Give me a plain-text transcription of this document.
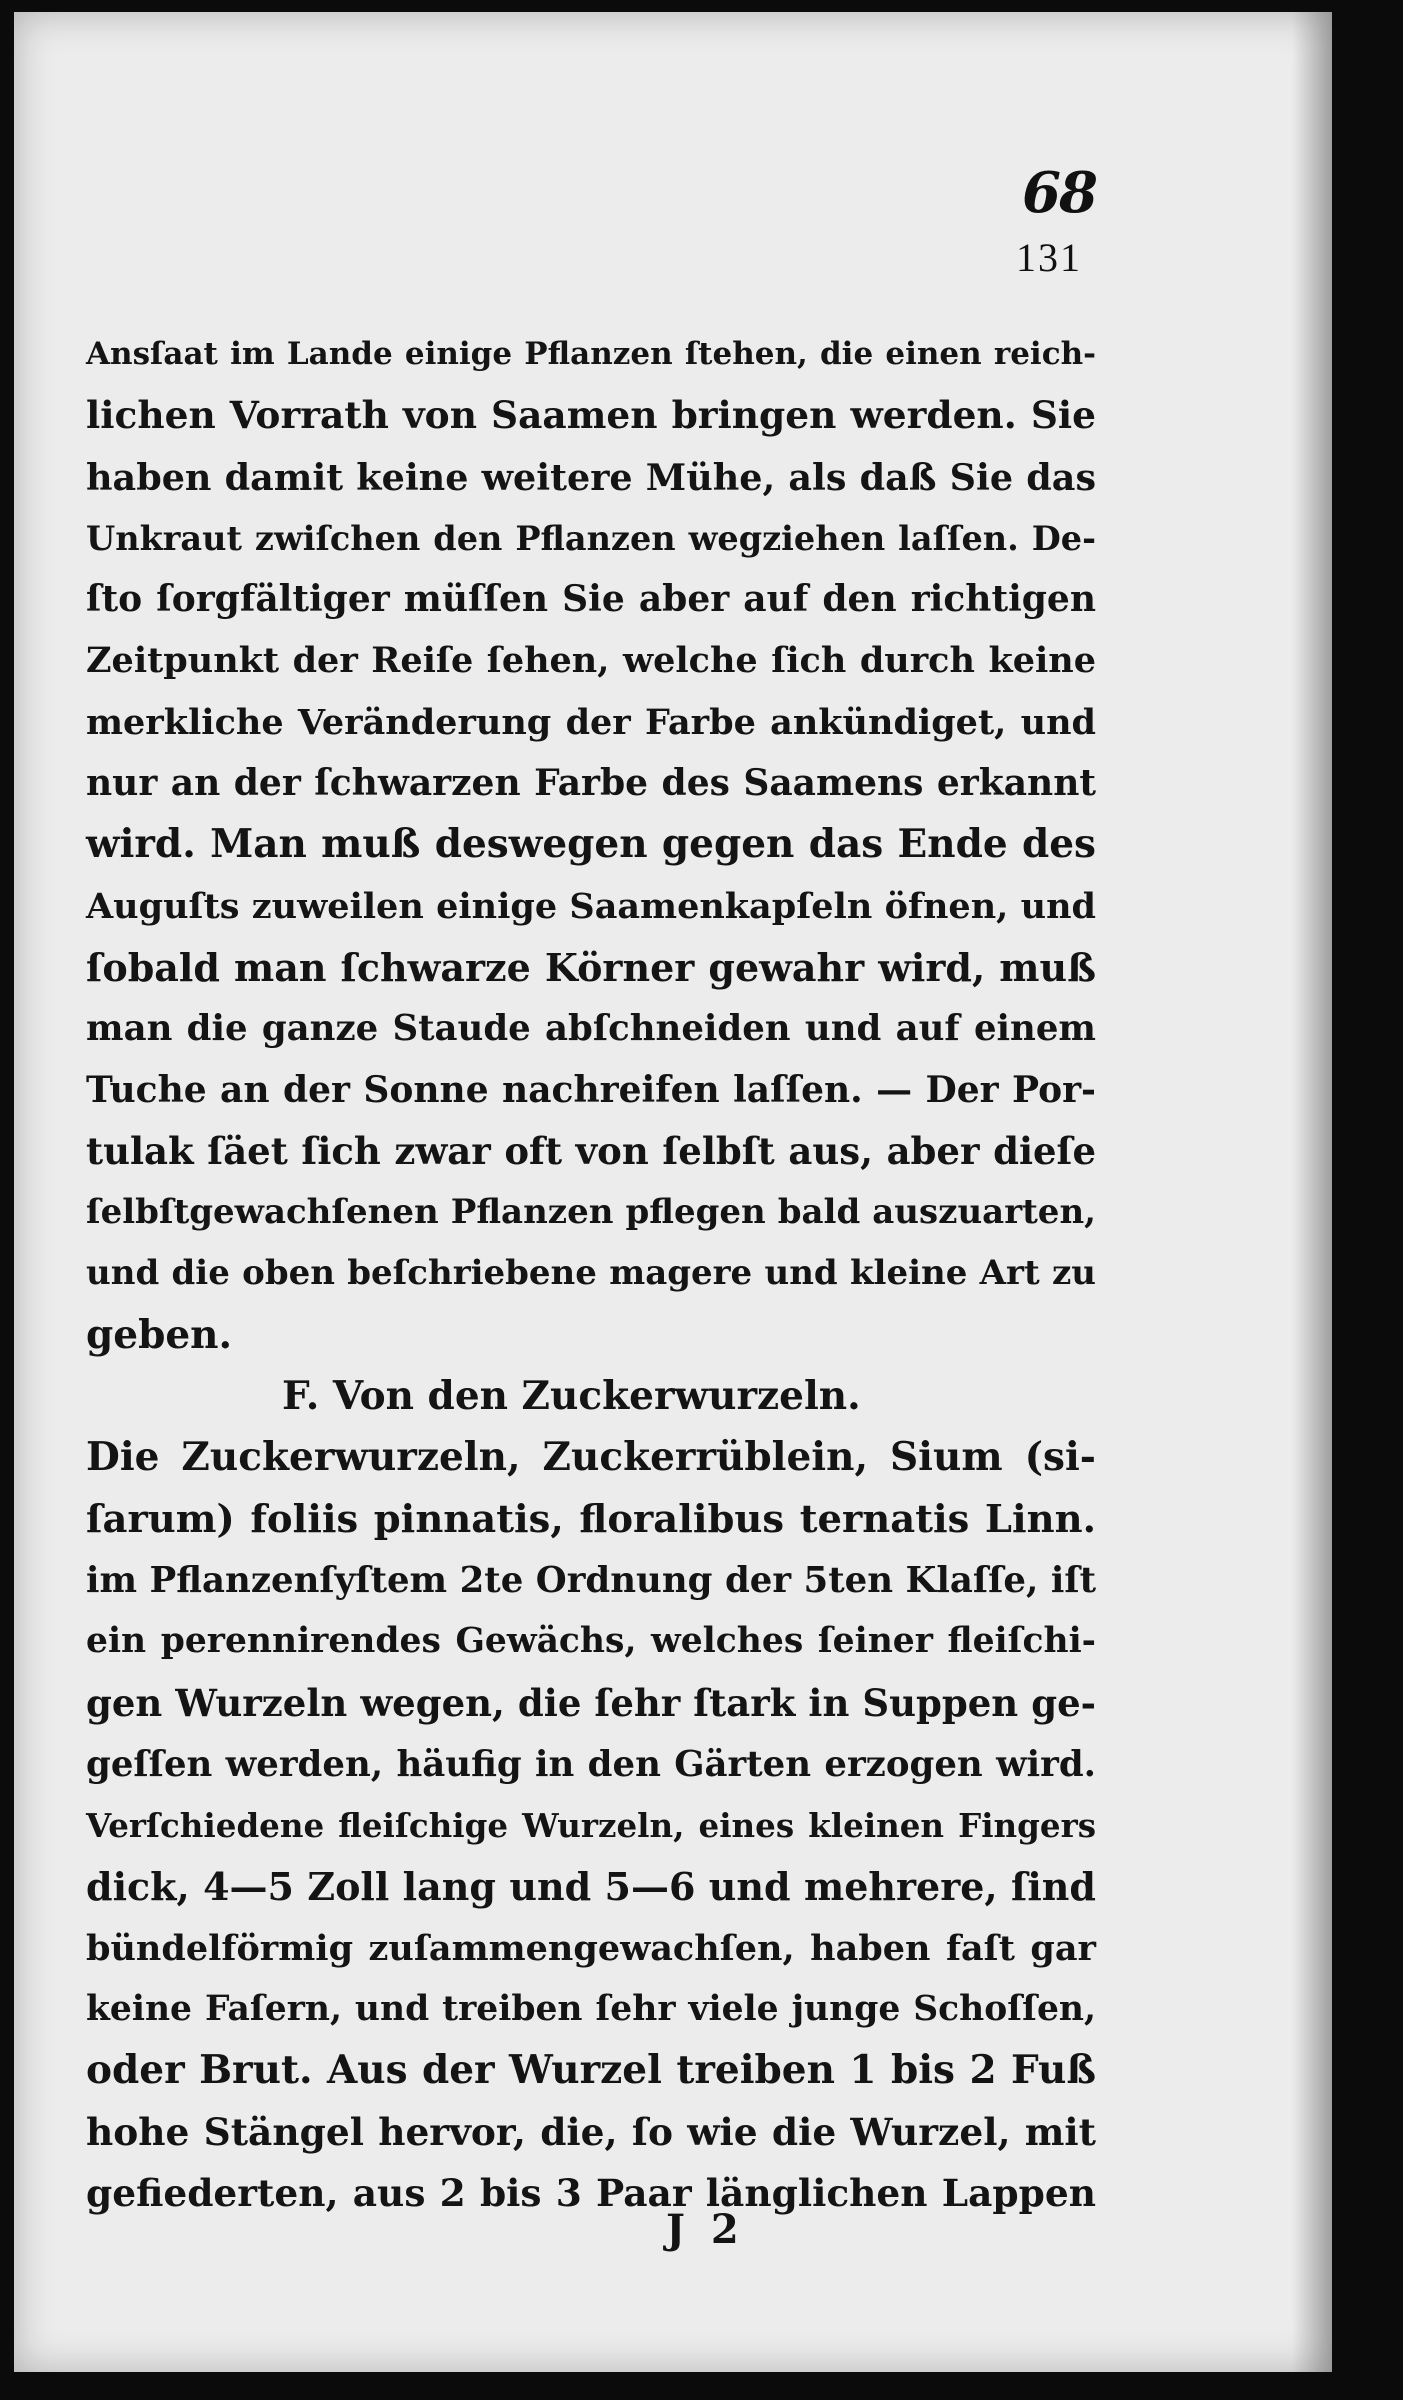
68
131
Ansſaat im Lande einige Pflanzen ſtehen, die einen reich-
lichen Vorrath von Saamen bringen werden. Sie
haben damit keine weitere Mühe, als daß Sie das
Unkraut zwiſchen den Pflanzen wegziehen laſſen. De-
ſto ſorgfältiger müſſen Sie aber auf den richtigen
Zeitpunkt der Reiſe ſehen, welche ſich durch keine
merkliche Veränderung der Farbe ankündiget, und
nur an der ſchwarzen Farbe des Saamens erkannt
wird. Man muß deswegen gegen das Ende des
Auguſts zuweilen einige Saamenkapſeln öfnen, und
ſobald man ſchwarze Körner gewahr wird, muß
man die ganze Staude abſchneiden und auf einem
Tuche an der Sonne nachreifen laſſen. — Der Por-
tulak ſäet ſich zwar oft von ſelbſt aus, aber dieſe
ſelbſtgewachſenen Pflanzen pflegen bald auszuarten,
und die oben beſchriebene magere und kleine Art zu
geben.
F. Von den Zuckerwurzeln.
Die Zuckerwurzeln, Zuckerrüblein, Sium (si-
ſarum) foliis pinnatis, floralibus ternatis Linn.
im Pflanzenſyſtem 2te Ordnung der 5ten Klaſſe, iſt
ein perennirendes Gewächs, welches ſeiner fleiſchi-
gen Wurzeln wegen, die ſehr ſtark in Suppen ge-
geſſen werden, häufig in den Gärten erzogen wird.
Verſchiedene fleiſchige Wurzeln, eines kleinen Fingers
dick, 4—5 Zoll lang und 5—6 und mehrere, ſind
bündelförmig zuſammengewachſen, haben faſt gar
keine Faſern, und treiben ſehr viele junge Schoſſen,
oder Brut. Aus der Wurzel treiben 1 bis 2 Fuß
hohe Stängel hervor, die, ſo wie die Wurzel, mit
gefiederten, aus 2 bis 3 Paar länglichen Lappen
J 2
